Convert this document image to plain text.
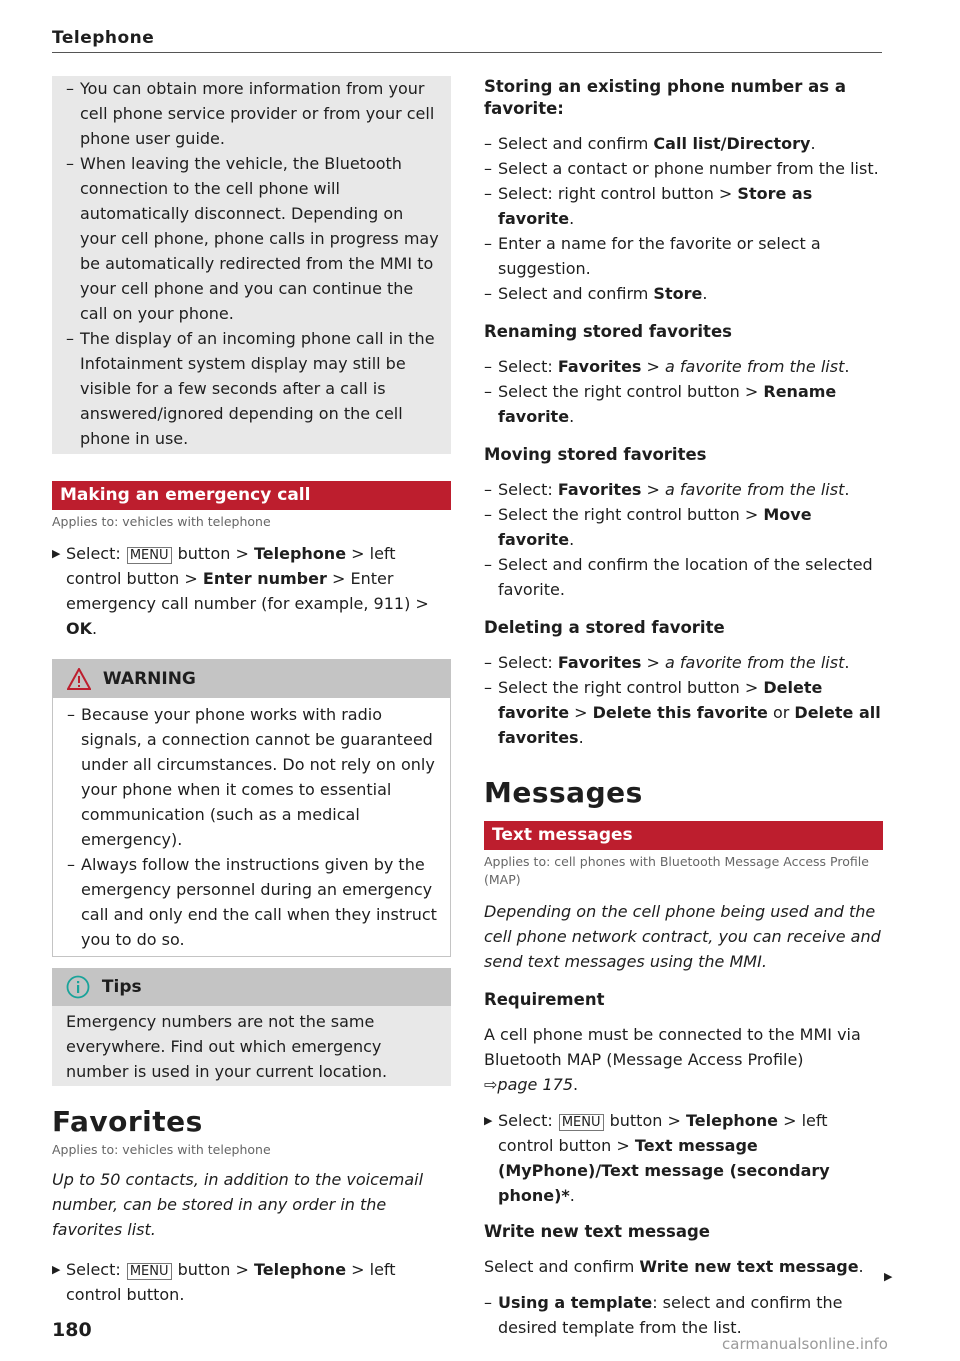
Telephone
– You can obtain more information from your cell phone service provider or from your cell phone user guide.
– When leaving the vehicle, the Bluetooth connection to the cell phone will automatically disconnect. Depending on your cell phone, phone calls in progress may be automatically redirected from the MMI to your cell phone and you can continue the call on your phone.
– The display of an incoming phone call in the Infotainment system display may still be visible for a few seconds after a call is answered/ignored depending on the cell phone in use.
Making an emergency call
Applies to: vehicles with telephone
▶ Select: MENU button > Telephone > left control button > Enter number > Enter emergency call number (for example, 911) > OK.
WARNING
– Because your phone works with radio signals, a connection cannot be guaranteed under all circumstances. Do not rely on only your phone when it comes to essential communication (such as a medical emergency).
– Always follow the instructions given by the emergency personnel during an emergency call and only end the call when they instruct you to do so.
Tips
Emergency numbers are not the same everywhere. Find out which emergency number is used in your current location.
Favorites
Applies to: vehicles with telephone
Up to 50 contacts, in addition to the voicemail number, can be stored in any order in the favorites list.
▶ Select: MENU button > Telephone > left control button.
Storing an existing phone number as a favorite:
– Select and confirm Call list/Directory.
– Select a contact or phone number from the list.
– Select: right control button > Store as favorite.
– Enter a name for the favorite or select a suggestion.
– Select and confirm Store.
Renaming stored favorites
– Select: Favorites > a favorite from the list.
– Select the right control button > Rename favorite.
Moving stored favorites
– Select: Favorites > a favorite from the list.
– Select the right control button > Move favorite.
– Select and confirm the location of the selected favorite.
Deleting a stored favorite
– Select: Favorites > a favorite from the list.
– Select the right control button > Delete favorite > Delete this favorite or Delete all favorites.
Messages
Text messages
Applies to: cell phones with Bluetooth Message Access Profile (MAP)
Depending on the cell phone being used and the cell phone network contract, you can receive and send text messages using the MMI.
Requirement
A cell phone must be connected to the MMI via Bluetooth MAP (Message Access Profile)
⇨page 175.
▶ Select: MENU button > Telephone > left control button > Text message (MyPhone)/Text message (secondary phone)*.
Write new text message
Select and confirm Write new text message.
– Using a template: select and confirm the desired template from the list.
▶
180
carmanualsonline.info
